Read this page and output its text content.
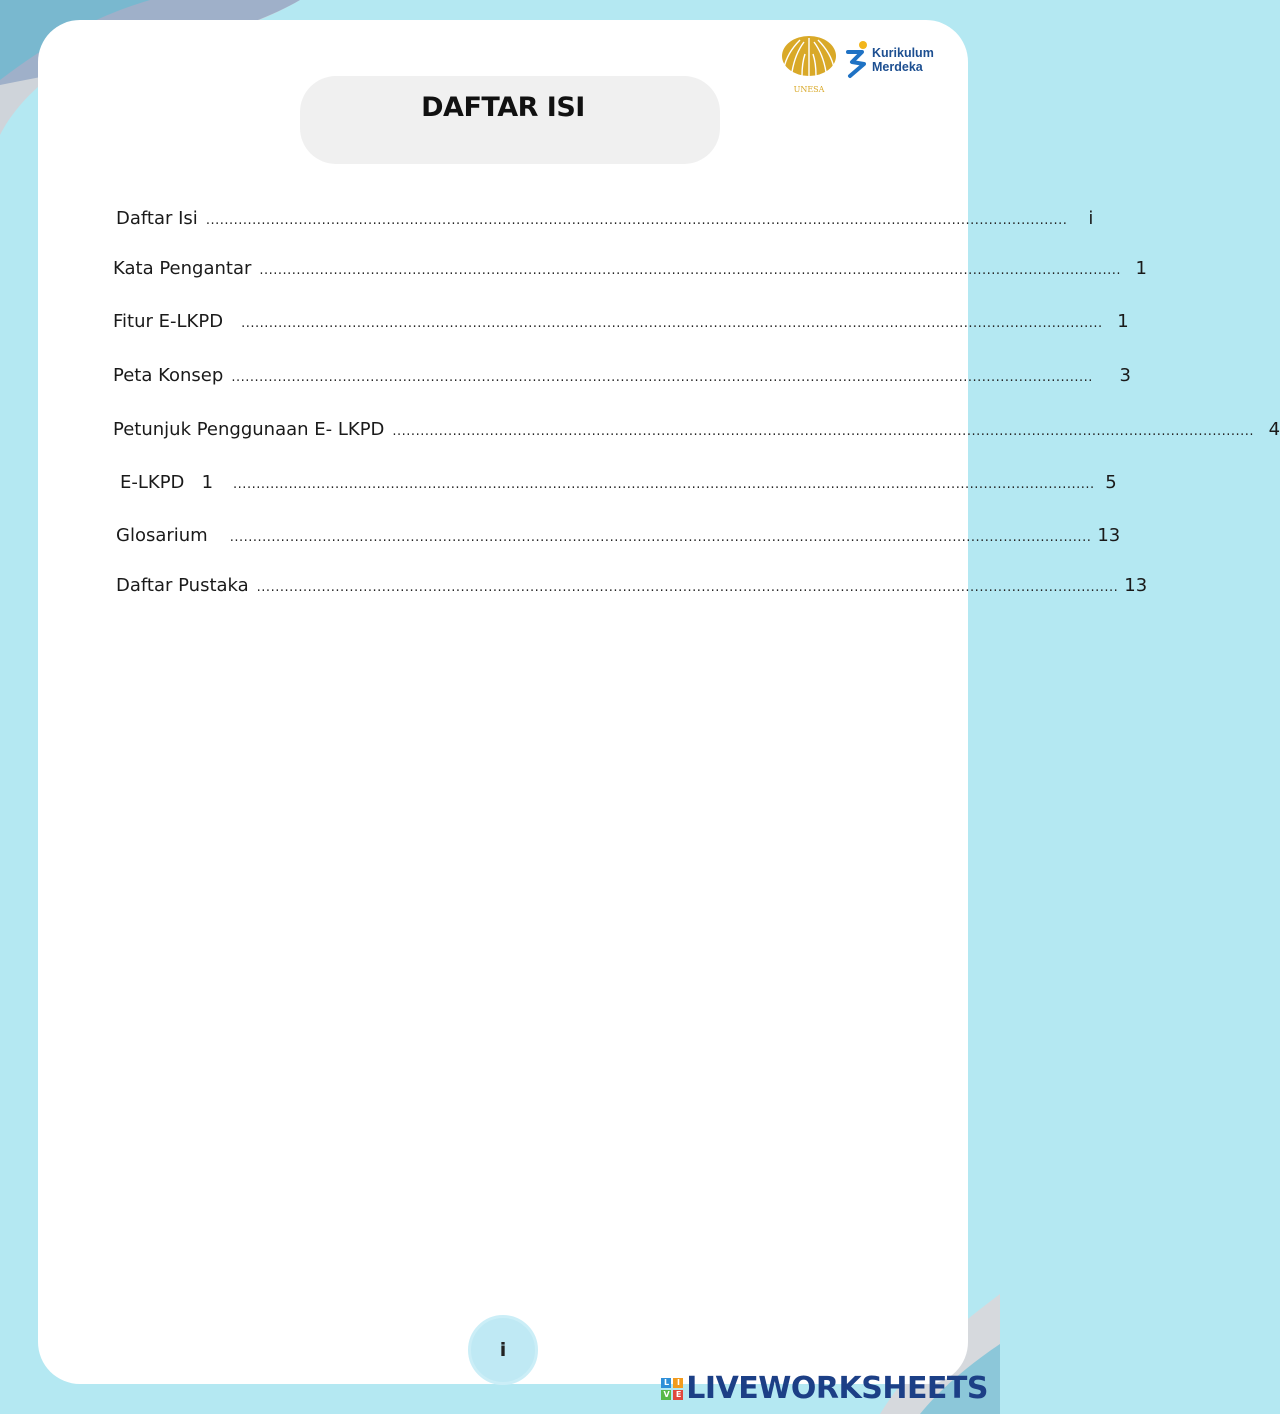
UNESA
Kurikulum
Merdeka
DAFTAR ISI
Daftar Isi ..........................................................................................................................................................................................	i
Kata Pengantar .......................................................................................................................................................................................... 1
Fitur E-LKPD .......................................................................................................................................................................................... 1
Peta Konsep ..........................................................................................................................................................................................	3
Petunjuk Penggunaan E- LKPD .......................................................................................................................................................................................... 4
E-LKPD   1 .......................................................................................................................................................................................... 5
Glosarium .......................................................................................................................................................................................... 13
Daftar Pustaka .......................................................................................................................................................................................... 13
i
L	I
V E LIVEWORKSHEETS
